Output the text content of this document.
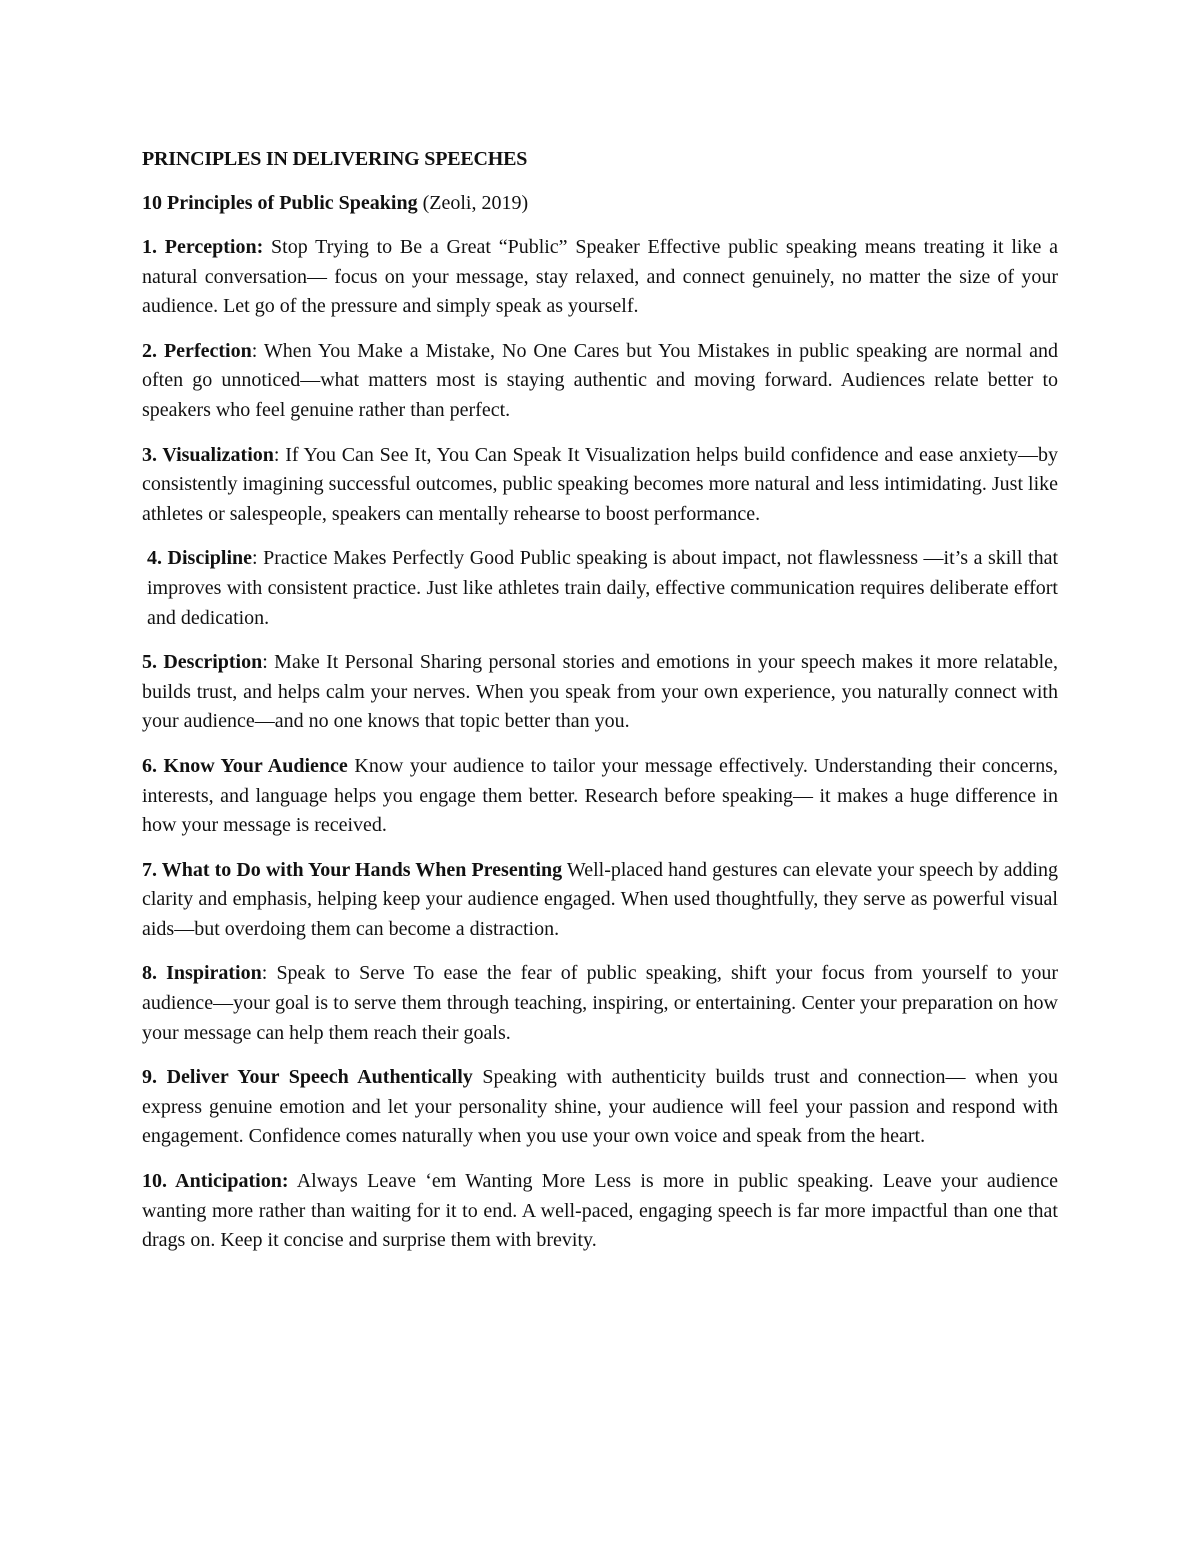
PRINCIPLES IN DELIVERING SPEECHES
10 Principles of Public Speaking (Zeoli, 2019)

1. Perception: Stop Trying to Be a Great “Public” Speaker Effective public speaking means treating it like a natural conversation— focus on your message, stay relaxed, and connect genuinely, no matter the size of your audience. Let go of the pressure and simply speak as yourself.

2. Perfection: When You Make a Mistake, No One Cares but You Mistakes in public speaking are normal and often go unnoticed—what matters most is staying authentic and moving forward. Audiences relate better to speakers who feel genuine rather than perfect.

3. Visualization: If You Can See It, You Can Speak It Visualization helps build confidence and ease anxiety—by consistently imagining successful outcomes, public speaking becomes more natural and less intimidating. Just like athletes or salespeople, speakers can mentally rehearse to boost performance.

4. Discipline: Practice Makes Perfectly Good Public speaking is about impact, not flawlessness —it’s a skill that improves with consistent practice. Just like athletes train daily, effective communication requires deliberate effort and dedication.

5. Description: Make It Personal Sharing personal stories and emotions in your speech makes it more relatable, builds trust, and helps calm your nerves. When you speak from your own experience, you naturally connect with your audience—and no one knows that topic better than you.

6. Know Your Audience Know your audience to tailor your message effectively. Understanding their concerns, interests, and language helps you engage them better. Research before speaking— it makes a huge difference in how your message is received.

7. What to Do with Your Hands When Presenting Well-placed hand gestures can elevate your speech by adding clarity and emphasis, helping keep your audience engaged. When used thoughtfully, they serve as powerful visual aids—but overdoing them can become a distraction.

8. Inspiration: Speak to Serve To ease the fear of public speaking, shift your focus from yourself to your audience—your goal is to serve them through teaching, inspiring, or entertaining. Center your preparation on how your message can help them reach their goals.

9. Deliver Your Speech Authentically Speaking with authenticity builds trust and connection— when you express genuine emotion and let your personality shine, your audience will feel your passion and respond with engagement. Confidence comes naturally when you use your own voice and speak from the heart.

10. Anticipation: Always Leave ‘em Wanting More Less is more in public speaking. Leave your audience wanting more rather than waiting for it to end. A well-paced, engaging speech is far more impactful than one that drags on. Keep it concise and surprise them with brevity.
